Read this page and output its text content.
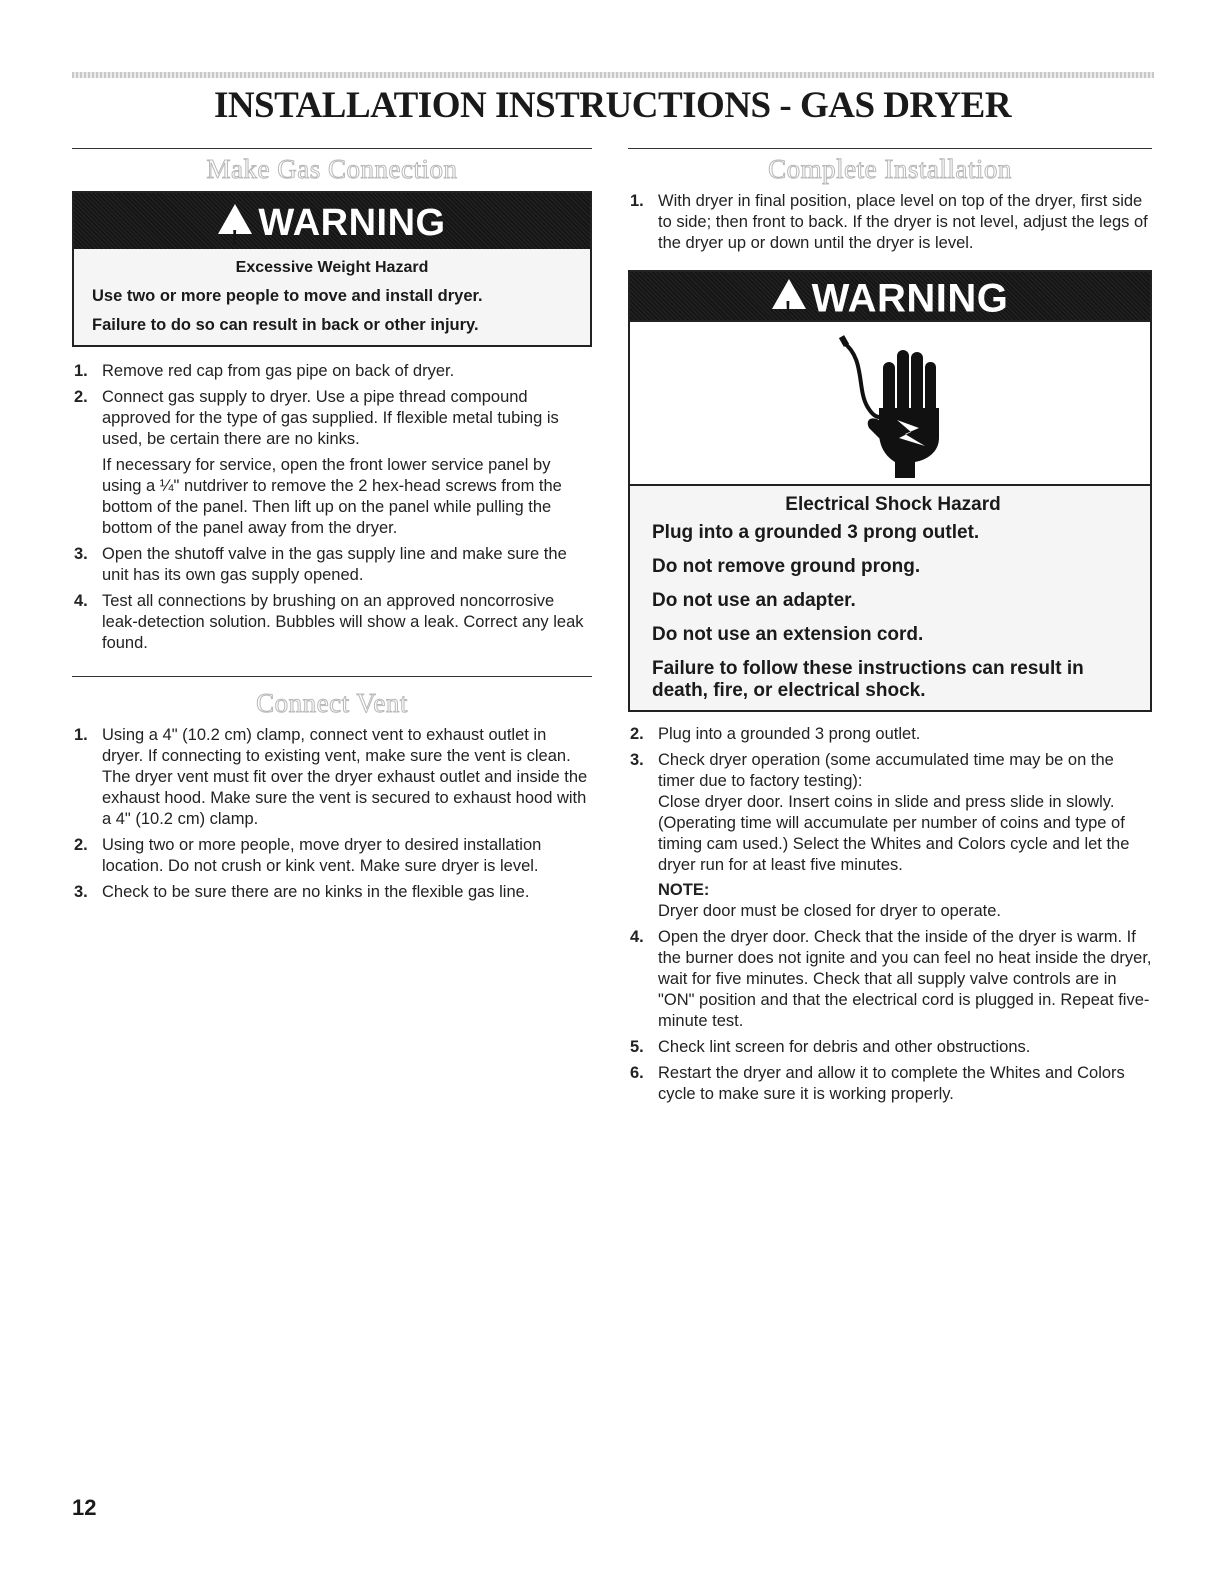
INSTALLATION INSTRUCTIONS - GAS DRYER
Make Gas Connection
!WARNING
Excessive Weight Hazard
Use two or more people to move and install dryer.
Failure to do so can result in back or other injury.
1. Remove red cap from gas pipe on back of dryer.

2. Connect gas supply to dryer. Use a pipe thread compound approved for the type of gas supplied. If flexible metal tubing is used, be certain there are no kinks.

If necessary for service, open the front lower service panel by using a ¼" nutdriver to remove the 2 hex-head screws from the bottom of the panel. Then lift up on the panel while pulling the bottom of the panel away from the dryer.

3. Open the shutoff valve in the gas supply line and make sure the unit has its own gas supply opened.

4. Test all connections by brushing on an approved noncorrosive leak-detection solution. Bubbles will show a leak. Correct any leak found.

Connect Vent
1. Using a 4" (10.2 cm) clamp, connect vent to exhaust outlet in dryer. If connecting to existing vent, make sure the vent is clean. The dryer vent must fit over the dryer exhaust outlet and inside the exhaust hood. Make sure the vent is secured to exhaust hood with a 4" (10.2 cm) clamp.

2. Using two or more people, move dryer to desired installation location. Do not crush or kink vent. Make sure dryer is level.

3. Check to be sure there are no kinks in the flexible gas line.

Complete Installation
1. With dryer in final position, place level on top of the dryer, first side to side; then front to back. If the dryer is not level, adjust the legs of the dryer up or down until the dryer is level.

!WARNING
Electrical Shock Hazard
Plug into a grounded 3 prong outlet.
Do not remove ground prong.
Do not use an adapter.
Do not use an extension cord.
Failure to follow these instructions can result in death, fire, or electrical shock.
2. Plug into a grounded 3 prong outlet.

3. Check dryer operation (some accumulated time may be on the timer due to factory testing):

Close dryer door. Insert coins in slide and press slide in slowly. (Operating time will accumulate per number of coins and type of timing cam used.) Select the Whites and Colors cycle and let the dryer run for at least five minutes.

NOTE:

Dryer door must be closed for dryer to operate.

4. Open the dryer door. Check that the inside of the dryer is warm. If the burner does not ignite and you can feel no heat inside the dryer, wait for five minutes. Check that all supply valve controls are in "ON" position and that the electrical cord is plugged in. Repeat five-minute test.

5. Check lint screen for debris and other obstructions.

6. Restart the dryer and allow it to complete the Whites and Colors cycle to make sure it is working properly.

12
